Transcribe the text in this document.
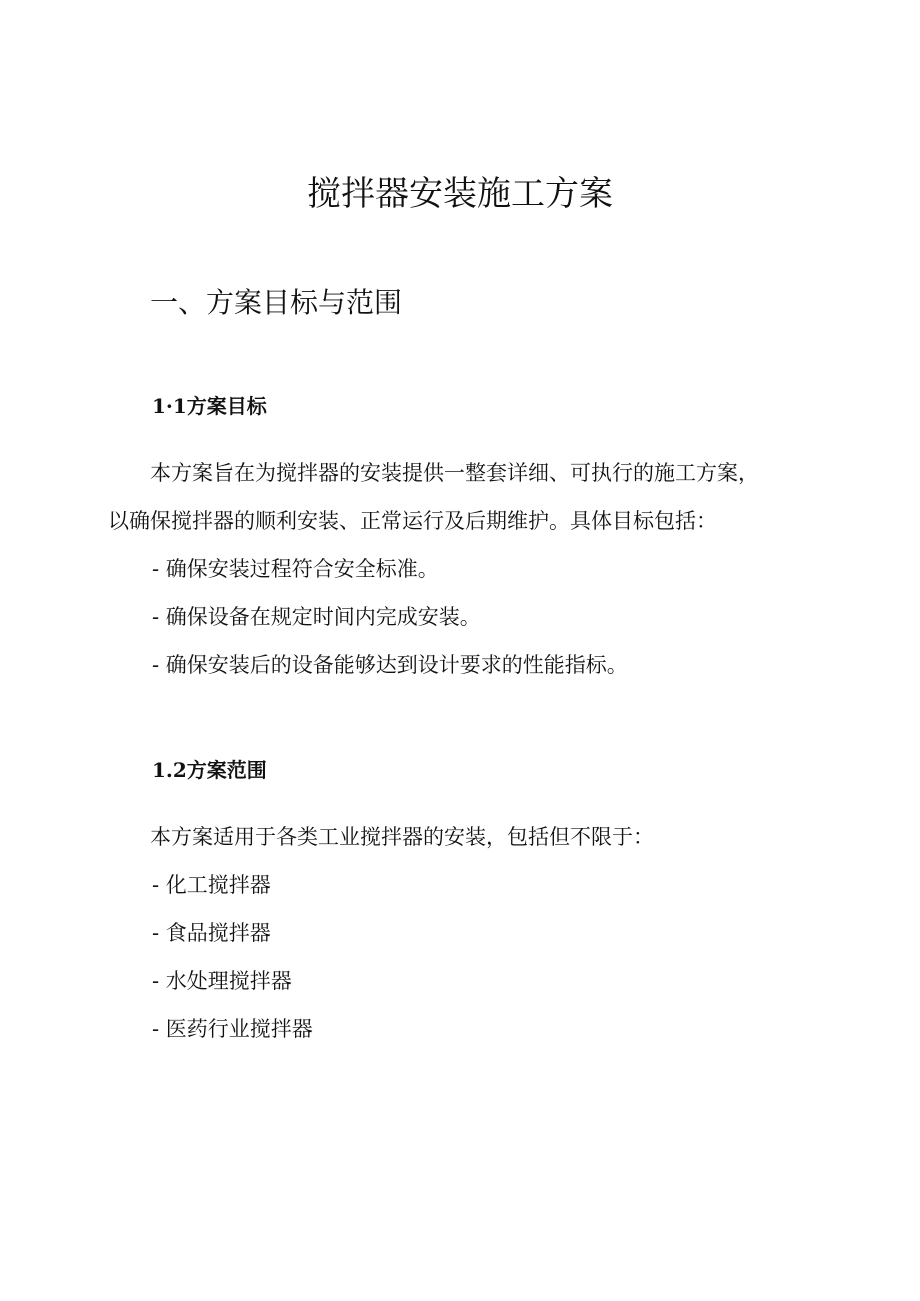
搅拌器安装施工方案
一、方案目标与范围
1·1方案目标

本方案旨在为搅拌器的安装提供一整套详细、可执行的施工方案，

以确保搅拌器的顺利安装、正常运行及后期维护。具体目标包括：

- 确保安装过程符合安全标准。
- 确保设备在规定时间内完成安装。
- 确保安装后的设备能够达到设计要求的性能指标。
1.2方案范围

本方案适用于各类工业搅拌器的安装，包括但不限于：

- 化工搅拌器
- 食品搅拌器
- 水处理搅拌器
- 医药行业搅拌器
